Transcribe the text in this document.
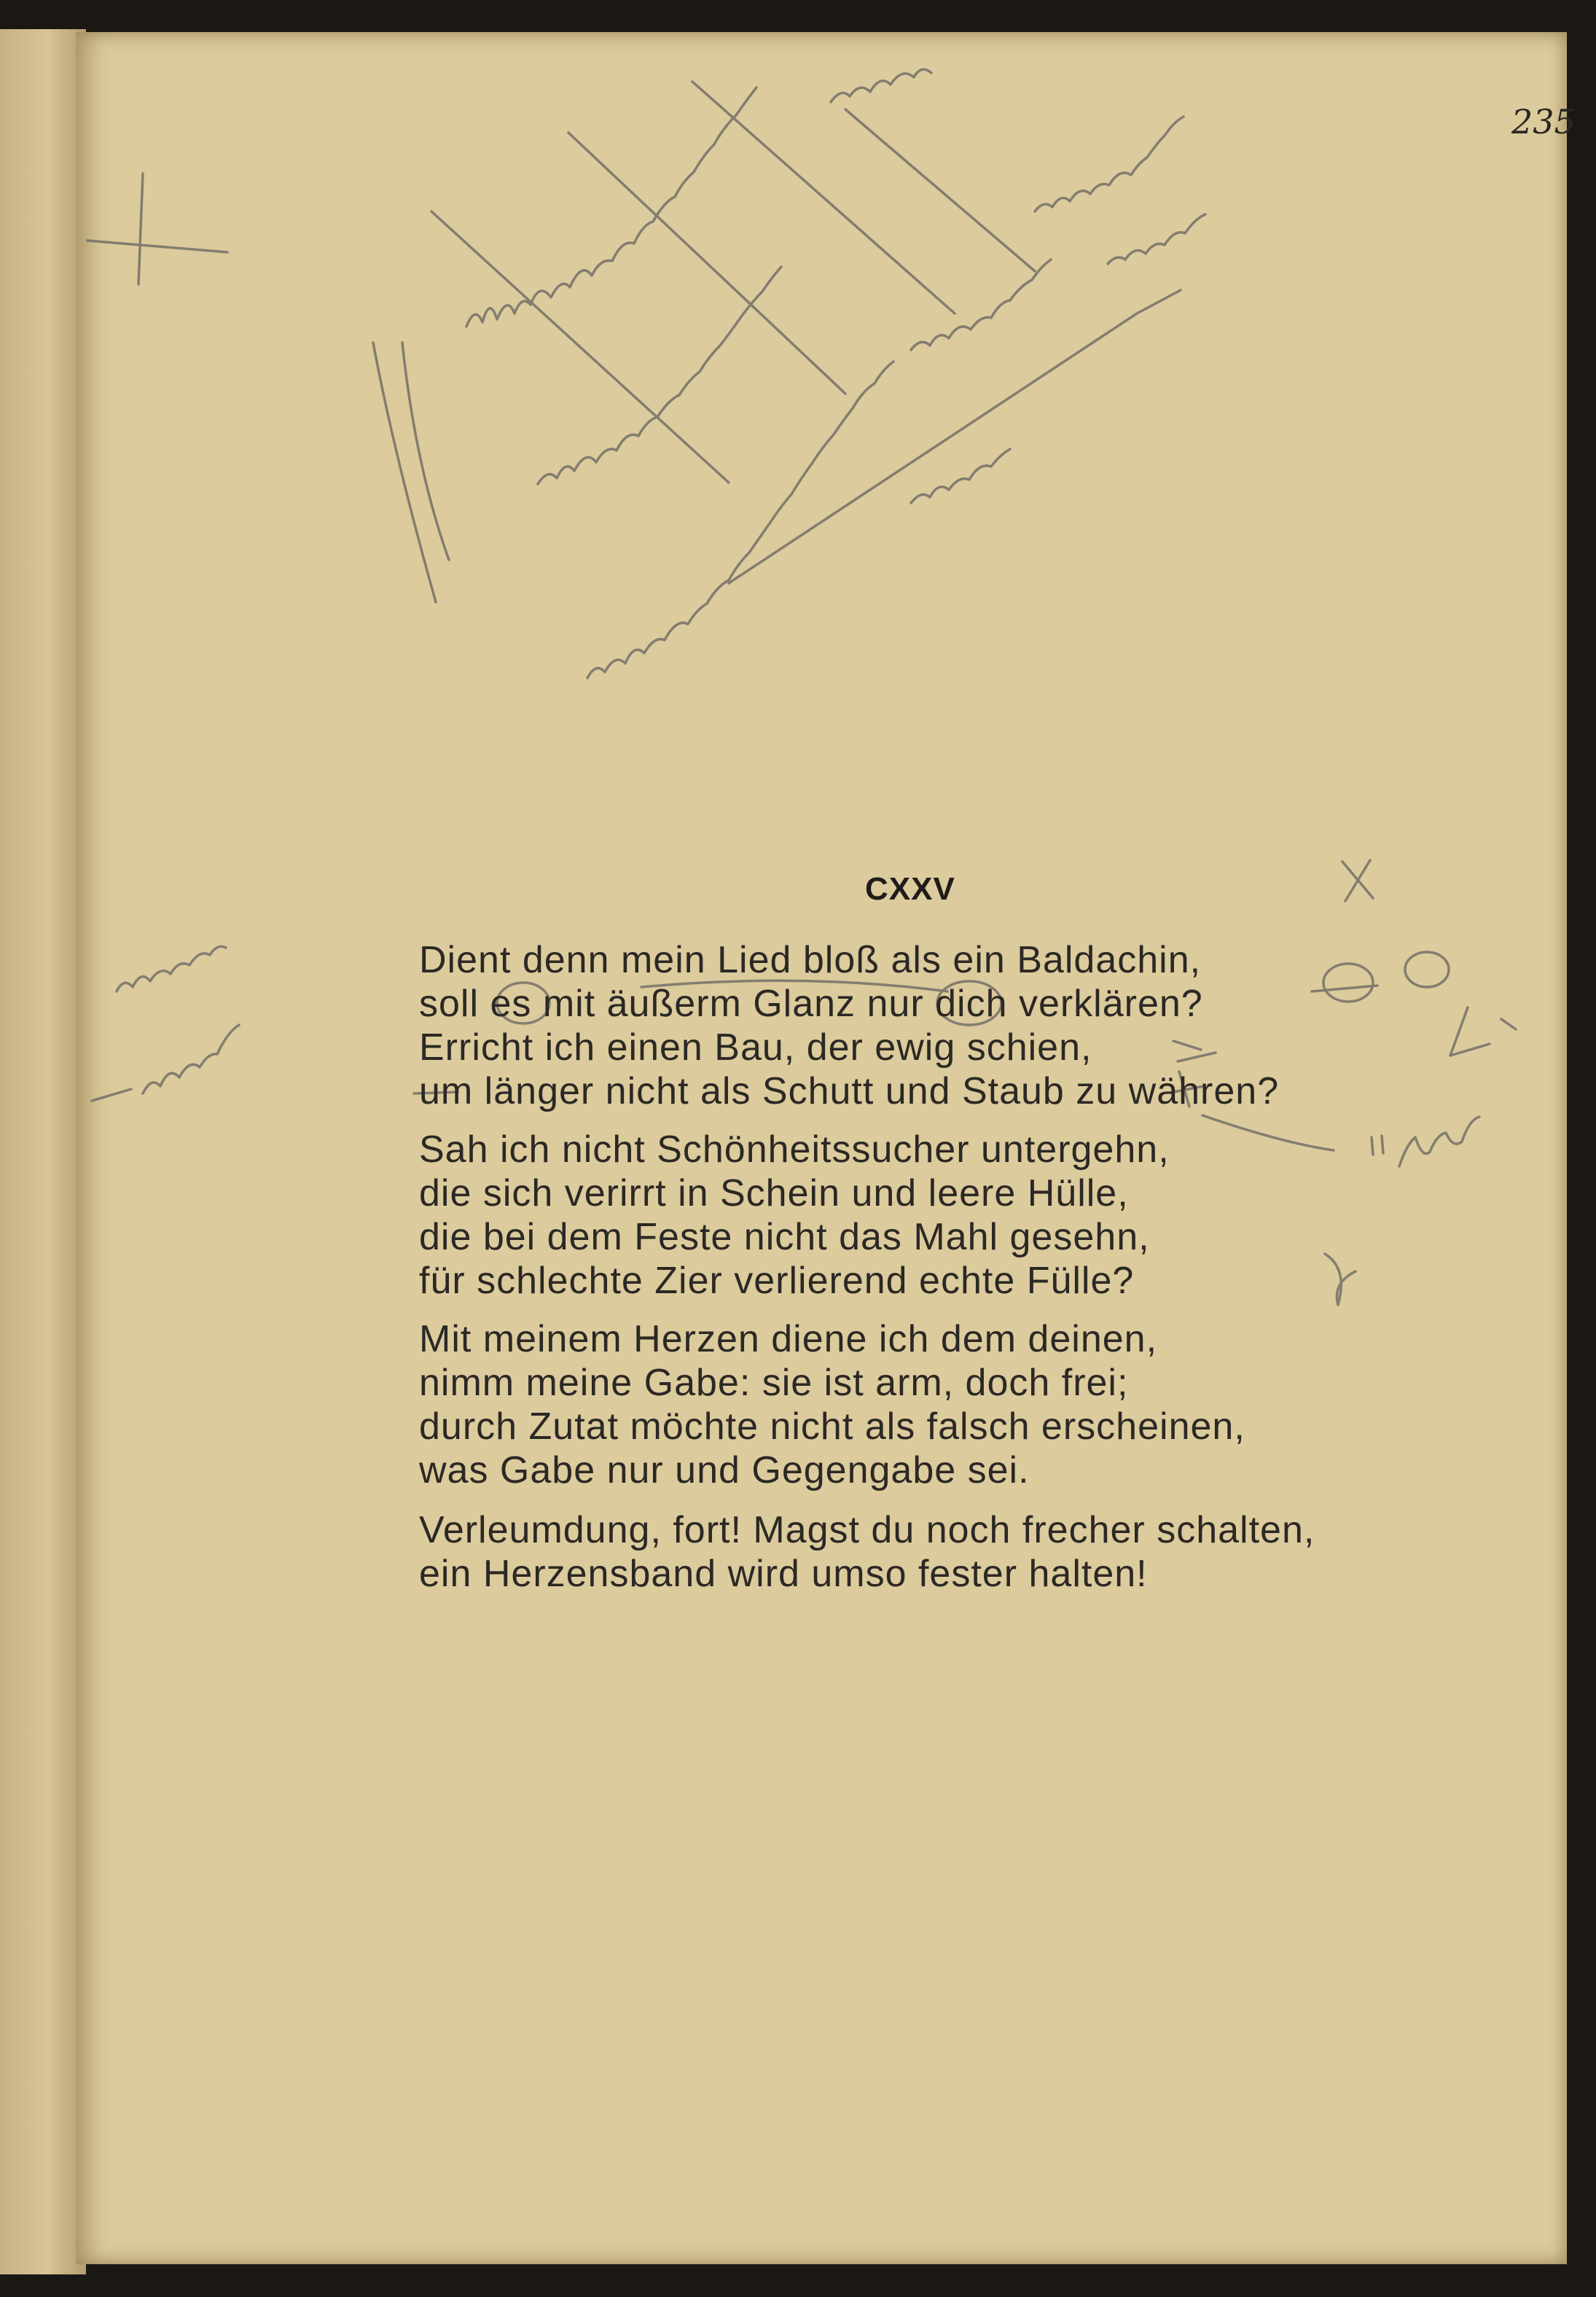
235
CXXV
Dient denn mein Lied bloß als ein Baldachin,
soll es mit äußerm Glanz nur dich verklären?
Erricht ich einen Bau, der ewig schien,
um länger nicht als Schutt und Staub zu währen?
Sah ich nicht Schönheitssucher untergehn,
die sich verirrt in Schein und leere Hülle,
die bei dem Feste nicht das Mahl gesehn,
für schlechte Zier verlierend echte Fülle?
Mit meinem Herzen diene ich dem deinen,
nimm meine Gabe: sie ist arm, doch frei;
durch Zutat möchte nicht als falsch erscheinen,
was Gabe nur und Gegengabe sei.
Verleumdung, fort! Magst du noch frecher schalten,
ein Herzensband wird umso fester halten!
